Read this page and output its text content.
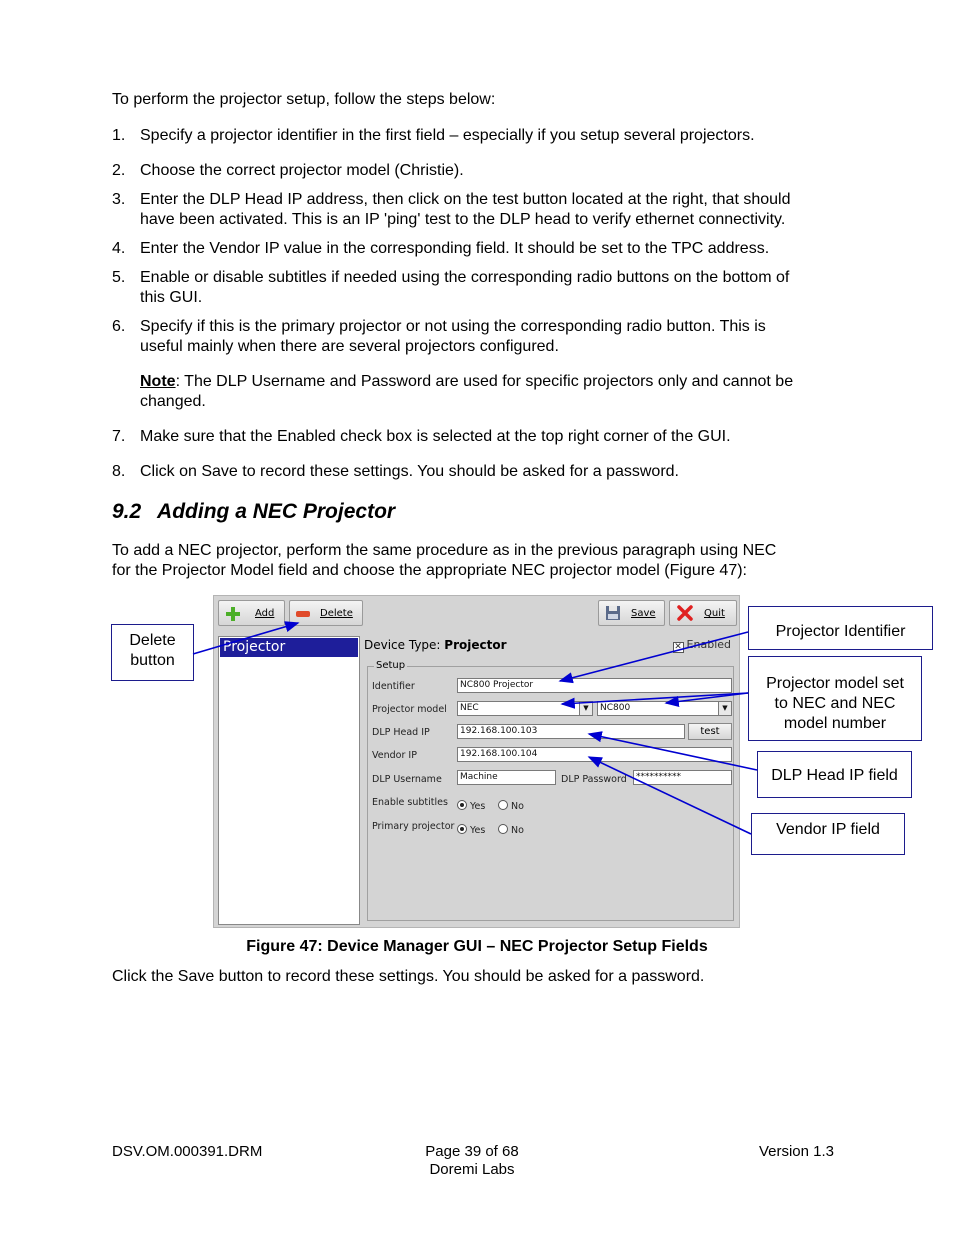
To perform the projector setup, follow the steps below:
1. Specify a projector identifier in the first field – especially if you setup several projectors.
2. Choose the correct projector model (Christie).
3. Enter the DLP Head IP address, then click on the test button located at the right, that should
have been activated. This is an IP 'ping' test to the DLP head to verify ethernet connectivity.
4. Enter the Vendor IP value in the corresponding field. It should be set to the TPC address.
5. Enable or disable subtitles if needed using the corresponding radio buttons on the bottom of
this GUI.
6. Specify if this is the primary projector or not using the corresponding radio button. This is
useful mainly when there are several projectors configured.
Note: The DLP Username and Password are used for specific projectors only and cannot be
changed.
7. Make sure that the Enabled check box is selected at the top right corner of the GUI.
8. Click on Save to record these settings. You should be asked for a password.
9.2 Adding a NEC Projector
To add a NEC projector, perform the same procedure as in the previous paragraph using NEC
for the Projector Model field and choose the appropriate NEC projector model (Figure 47):
Add	Delete	Save	Quit
Projector	Device Type: Projector	✕ Enabled
Setup
Identifier	NC800 Projector
Projector model	NEC	▼	NC800	▼
DLP Head IP	192.168.100.103	test
Vendor IP	192.168.100.104
DLP Username	Machine	DLP Password	**********
Enable subtitles	Yes	No
Primary projector	Yes	No
Delete
button
Projector Identifier
Projector model set
to NEC and NEC
model number
DLP Head IP field
Vendor IP field
Figure 47: Device Manager GUI – NEC Projector Setup Fields
Click the Save button to record these settings. You should be asked for a password.
DSV.OM.000391.DRM	Page 39 of 68
Doremi Labs
Version 1.3
